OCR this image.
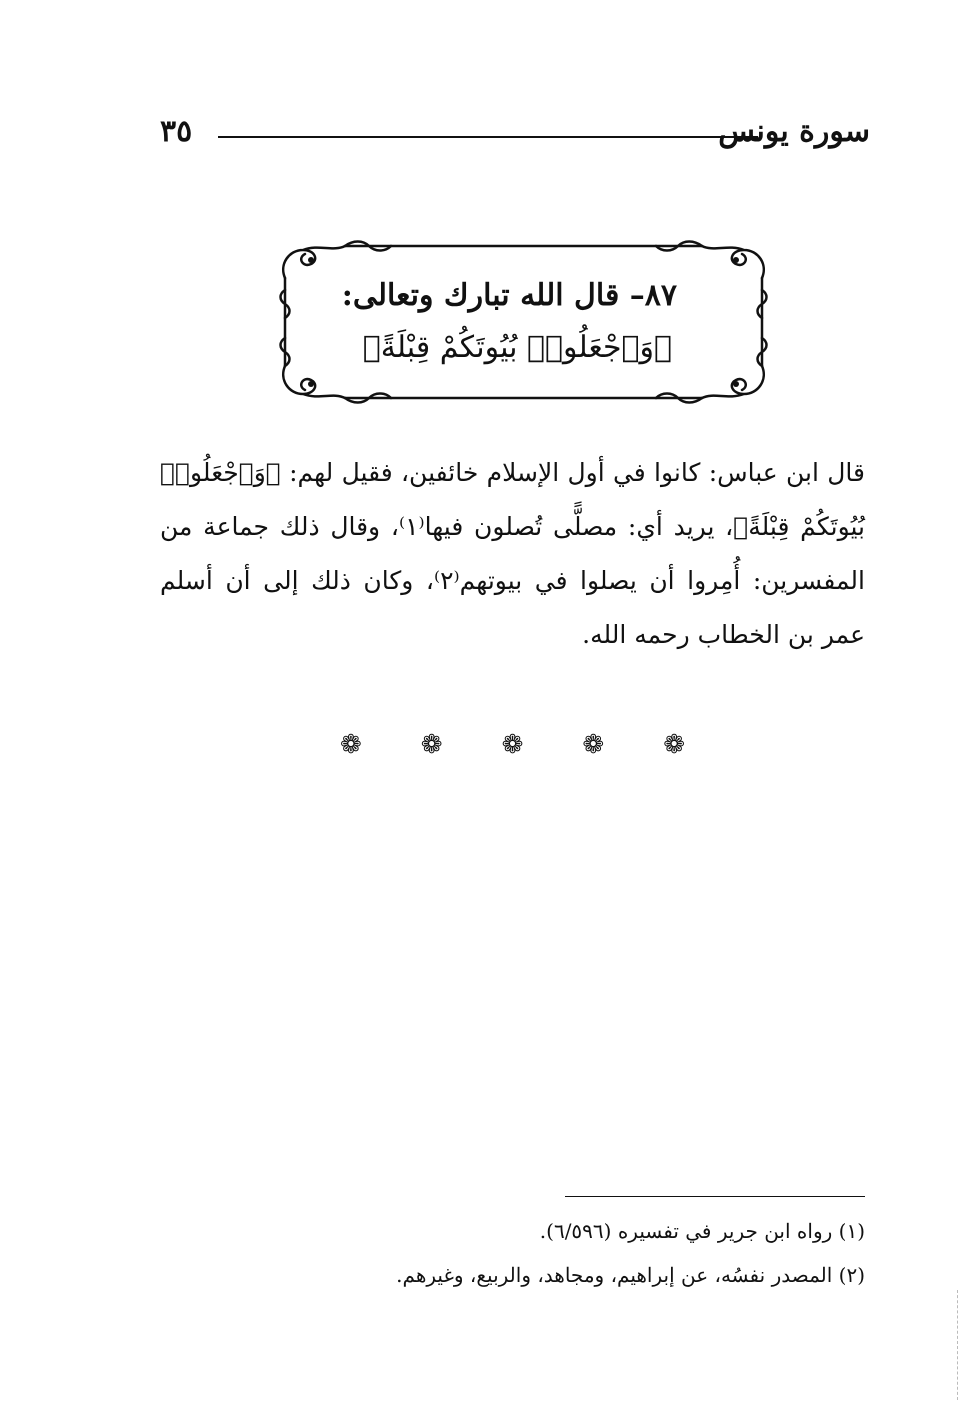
سورة يونس
٣٥
٨٧– قال الله تبارك وتعالى:
﴿وَٱجْعَلُوا۟ بُيُوتَكُمْ قِبْلَةً﴾
قال ابن عباس: كانوا في أول الإسلام خائفين، فقيل لهم: ﴿وَٱجْعَلُوا۟ بُيُوتَكُمْ قِبْلَةً﴾، يريد أي: مصلًّى تُصلون فيها⁽١⁾، وقال ذلك جماعة من المفسرين: أُمِروا أن يصلوا في بيوتهم⁽٢⁾، وكان ذلك إلى أن أسلم عمر بن الخطاب رحمه الله.
❁ ❁ ❁ ❁ ❁
(١) رواه ابن جرير في تفسيره (٦/٥٩٦).
(٢) المصدر نفسُه، عن إبراهيم، ومجاهد، والربيع، وغيرهم.
